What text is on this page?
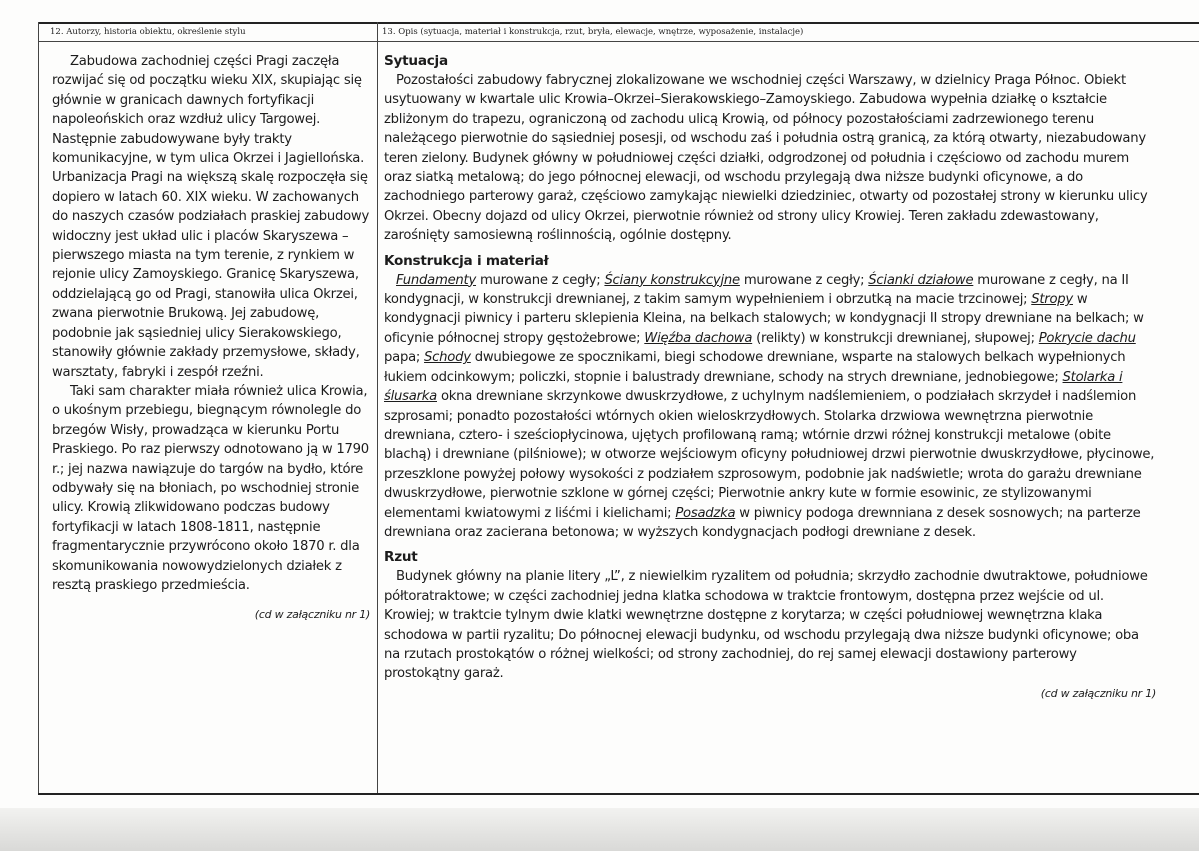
12. Autorzy, historia obiektu, określenie stylu	13. Opis (sytuacja, materiał i konstrukcja, rzut, bryła, elewacje, wnętrze, wyposażenie, instalacje)

Zabudowa zachodniej części Pragi zaczęła rozwijać się od początku wieku XIX, skupiając się głównie w granicach dawnych fortyfikacji napoleońskich oraz wzdłuż ulicy Targowej. Następnie zabudowywane były trakty komunikacyjne, w tym ulica Okrzei i Jagiellońska. Urbanizacja Pragi na większą skalę rozpoczęła się dopiero w latach 60. XIX wieku. W zachowanych do naszych czasów podziałach praskiej zabudowy widoczny jest układ ulic i placów Skaryszewa – pierwszego miasta na tym terenie, z rynkiem w rejonie ulicy Zamoyskiego. Granicę Skaryszewa, oddzielającą go od Pragi, stanowiła ulica Okrzei, zwana pierwotnie Brukową. Jej zabudowę, podobnie jak sąsiedniej ulicy Sierakowskiego, stanowiły głównie zakłady przemysłowe, składy, warsztaty, fabryki i zespół rzeźni.

Taki sam charakter miała również ulica Krowia, o ukośnym przebiegu, biegnącym równolegle do brzegów Wisły, prowadząca w kierunku Portu Praskiego. Po raz pierwszy odnotowano ją w 1790 r.; jej nazwa nawiązuje do targów na bydło, które odbywały się na błoniach, po wschodniej stronie ulicy. Krowią zlikwidowano podczas budowy fortyfikacji w latach 1808-1811, następnie fragmentarycznie przywrócono około 1870 r. dla skomunikowania nowowydzielonych działek z resztą praskiego przedmieścia.

(cd w załączniku nr 1)
Sytuacja

Pozostałości zabudowy fabrycznej zlokalizowane we wschodniej części Warszawy, w dzielnicy Praga Północ. Obiekt usytuowany w kwartale ulic Krowia–Okrzei–Sierakowskiego–Zamoyskiego. Zabudowa wypełnia działkę o kształcie zbliżonym do trapezu, ograniczoną od zachodu ulicą Krowią, od północy pozostałościami zadrzewionego terenu należącego pierwotnie do sąsiedniej posesji, od wschodu zaś i południa ostrą granicą, za którą otwarty, niezabudowany teren zielony. Budynek główny w południowej części działki, odgrodzonej od południa i częściowo od zachodu murem oraz siatką metalową; do jego północnej elewacji, od wschodu przylegają dwa niższe budynki oficynowe, a do zachodniego parterowy garaż, częściowo zamykając niewielki dziedziniec, otwarty od pozostałej strony w kierunku ulicy Okrzei. Obecny dojazd od ulicy Okrzei, pierwotnie również od strony ulicy Krowiej. Teren zakładu zdewastowany, zarośnięty samosiewną roślinnością, ogólnie dostępny.

Konstrukcja i materiał

Fundamenty murowane z cegły; Ściany konstrukcyjne murowane z cegły; Ścianki działowe murowane z cegły, na II kondygnacji, w konstrukcji drewnianej, z takim samym wypełnieniem i obrzutką na macie trzcinowej; Stropy w kondygnacji piwnicy i parteru sklepienia Kleina, na belkach stalowych; w kondygnacji II stropy drewniane na belkach; w oficynie północnej stropy gęstożebrowe; Więźba dachowa (relikty) w konstrukcji drewnianej, słupowej; Pokrycie dachu papa; Schody dwubiegowe ze spocznikami, biegi schodowe drewniane, wsparte na stalowych belkach wypełnionych łukiem odcinkowym; policzki, stopnie i balustrady drewniane, schody na strych drewniane, jednobiegowe; Stolarka i ślusarka okna drewniane skrzynkowe dwuskrzydłowe, z uchylnym nadślemieniem, o podziałach skrzydeł i nadślemion szprosami; ponadto pozostałości wtórnych okien wieloskrzydłowych. Stolarka drzwiowa wewnętrzna pierwotnie drewniana, cztero- i sześciopłycinowa, ujętych profilowaną ramą; wtórnie drzwi różnej konstrukcji metalowe (obite blachą) i drewniane (pilśniowe); w otworze wejściowym oficyny południowej drzwi pierwotnie dwuskrzydłowe, płycinowe, przeszklone powyżej połowy wysokości z podziałem szprosowym, podobnie jak nadświetle; wrota do garażu drewniane dwuskrzydłowe, pierwotnie szklone w górnej części; Pierwotnie ankry kute w formie esowinic, ze stylizowanymi elementami kwiatowymi z liśćmi i kielichami; Posadzka w piwnicy podoga drewnniana z desek sosnowych; na parterze drewniana oraz zacierana betonowa; w wyższych kondygnacjach podłogi drewniane z desek.

Rzut

Budynek główny na planie litery „L”, z niewielkim ryzalitem od południa; skrzydło zachodnie dwutraktowe, południowe półtoratraktowe; w części zachodniej jedna klatka schodowa w traktcie frontowym, dostępna przez wejście od ul. Krowiej; w traktcie tylnym dwie klatki wewnętrzne dostępne z korytarza; w części południowej wewnętrzna klaka schodowa w partii ryzalitu; Do północnej elewacji budynku, od wschodu przylegają dwa niższe budynki oficynowe; oba na rzutach prostokątów o różnej wielkości; od strony zachodniej, do rej samej elewacji dostawiony parterowy prostokątny garaż.

(cd w załączniku nr 1)
